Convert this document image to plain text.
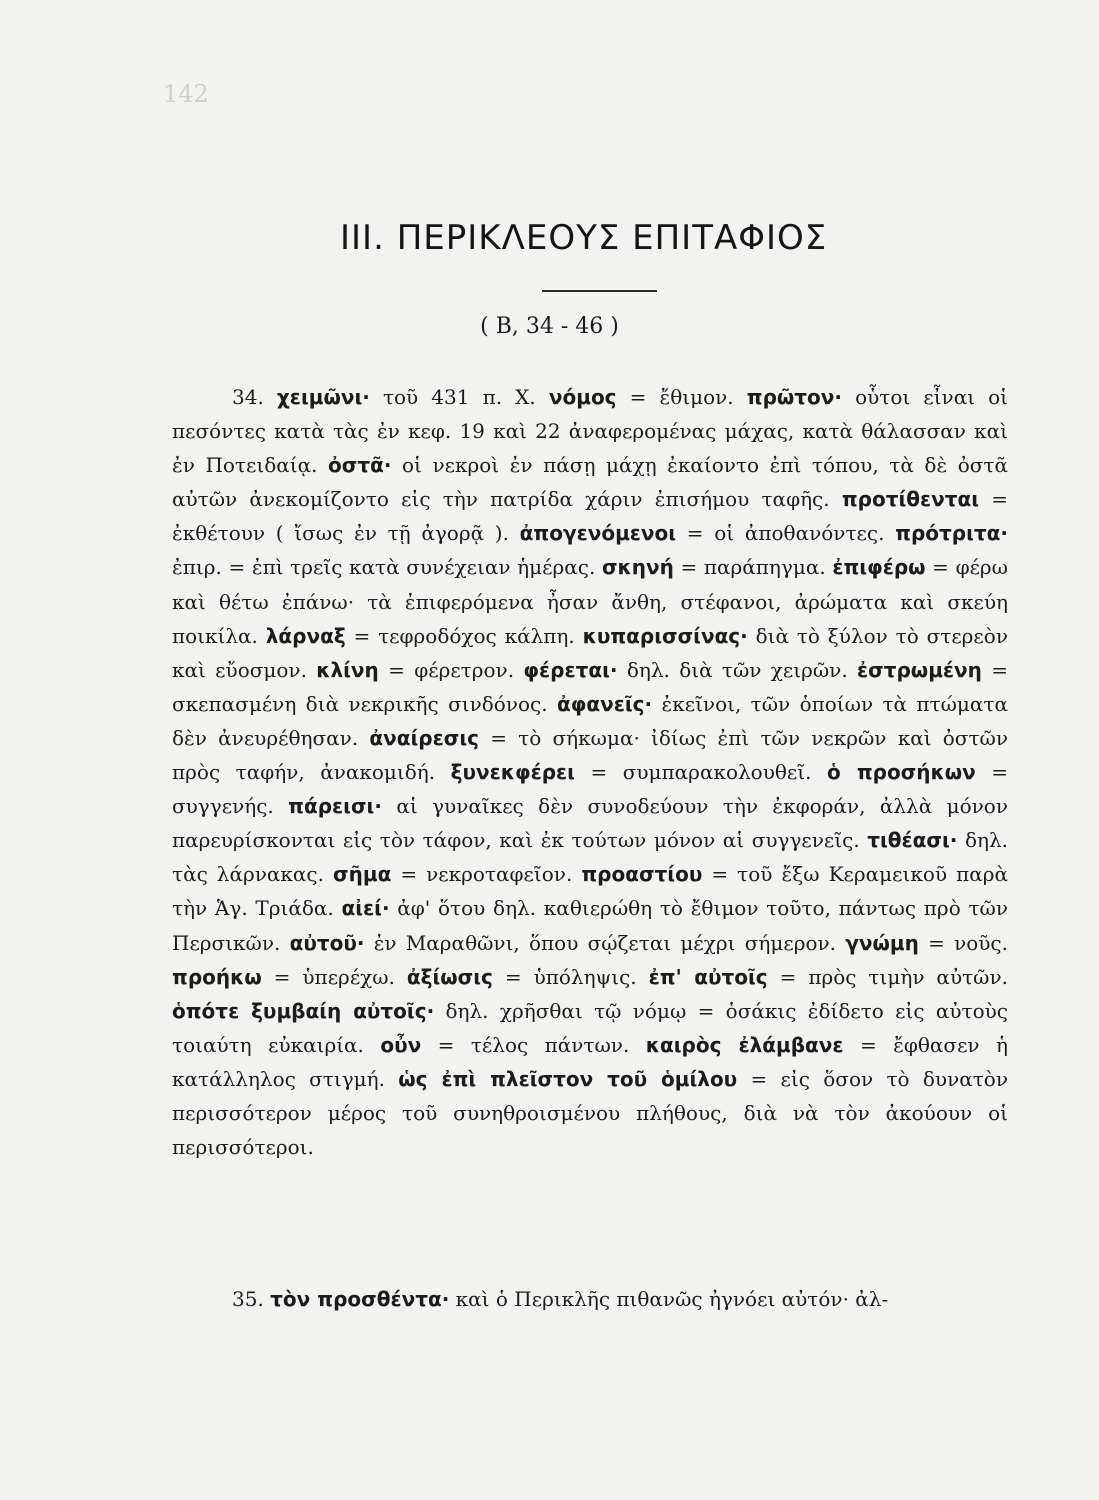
142
III. ΠΕΡΙΚΛΕΟΥΣ ΕΠΙΤΑΦΙΟΣ
( Β, 34 - 46 )
34. χειμῶνι· τοῦ 431 π. Χ. νόμος = ἔθιμον. πρῶτον· οὗτοι εἶναι οἱ πεσόντες κατὰ τὰς ἐν κεφ. 19 καὶ 22 ἀναφερομένας μάχας, κατὰ θάλασσαν καὶ ἐν Ποτειδαίᾳ. ὀστᾶ· οἱ νεκροὶ ἐν πάσῃ μάχῃ ἐκαίοντο ἐπὶ τόπου, τὰ δὲ ὀστᾶ αὐτῶν ἀνεκομίζοντο εἰς τὴν πατρίδα χάριν ἐπισήμου ταφῆς. προτίθενται = ἐκθέτουν ( ἴσως ἐν τῇ ἀγορᾷ ). ἀπογενόμενοι = οἱ ἀποθανόντες. πρότριτα· ἐπιρ. = ἐπὶ τρεῖς κατὰ συνέχειαν ἡμέρας. σκηνή = παράπηγμα. ἐπιφέρω = φέρω καὶ θέτω ἐπάνω· τὰ ἐπιφερόμενα ἦσαν ἄνθη, στέφανοι, ἀρώματα καὶ σκεύη ποικίλα. λάρναξ = τεφροδόχος κάλπη. κυπαρισσίνας· διὰ τὸ ξύλον τὸ στερεὸν καὶ εὔοσμον. κλίνη = φέρετρον. φέρεται· δηλ. διὰ τῶν χειρῶν. ἐστρωμένη = σκεπασμένη διὰ νεκρικῆς σινδόνος. ἀφανεῖς· ἐκεῖνοι, τῶν ὁποίων τὰ πτώματα δὲν ἀνευρέθησαν. ἀναίρεσις = τὸ σήκωμα· ἰδίως ἐπὶ τῶν νεκρῶν καὶ ὀστῶν πρὸς ταφήν, ἀνακομιδή. ξυνεκφέρει = συμπαρακολουθεῖ. ὁ προσήκων = συγγενής. πάρεισι· αἱ γυναῖκες δὲν συνοδεύουν τὴν ἐκφοράν, ἀλλὰ μόνον παρευρίσκονται εἰς τὸν τάφον, καὶ ἐκ τούτων μόνον αἱ συγγενεῖς. τιθέασι· δηλ. τὰς λάρνακας. σῆμα = νεκροταφεῖον. προαστίου = τοῦ ἔξω Κεραμεικοῦ παρὰ τὴν Ἁγ. Τριάδα. αἰεί· ἀφ' ὅτου δηλ. καθιερώθη τὸ ἔθιμον τοῦτο, πάντως πρὸ τῶν Περσικῶν. αὐτοῦ· ἐν Μαραθῶνι, ὅπου σῴζεται μέχρι σήμερον. γνώμη = νοῦς. προήκω = ὑπερέχω. ἀξίωσις = ὑπόληψις. ἐπ' αὐτοῖς = πρὸς τιμὴν αὐτῶν. ὁπότε ξυμβαίη αὐτοῖς· δηλ. χρῆσθαι τῷ νόμῳ = ὁσάκις ἐδίδετο εἰς αὐτοὺς τοιαύτη εὐκαιρία. οὖν = τέλος πάντων. καιρὸς ἐλάμβανε = ἔφθασεν ἡ κατάλληλος στιγμή. ὡς ἐπὶ πλεῖστον τοῦ ὁμίλου = εἰς ὅσον τὸ δυνατὸν περισσότερον μέρος τοῦ συνηθροισμένου πλήθους, διὰ νὰ τὸν ἀκούουν οἱ περισσότεροι.
35. τὸν προσθέντα· καὶ ὁ Περικλῆς πιθανῶς ἠγνόει αὐτόν· ἀλ-
